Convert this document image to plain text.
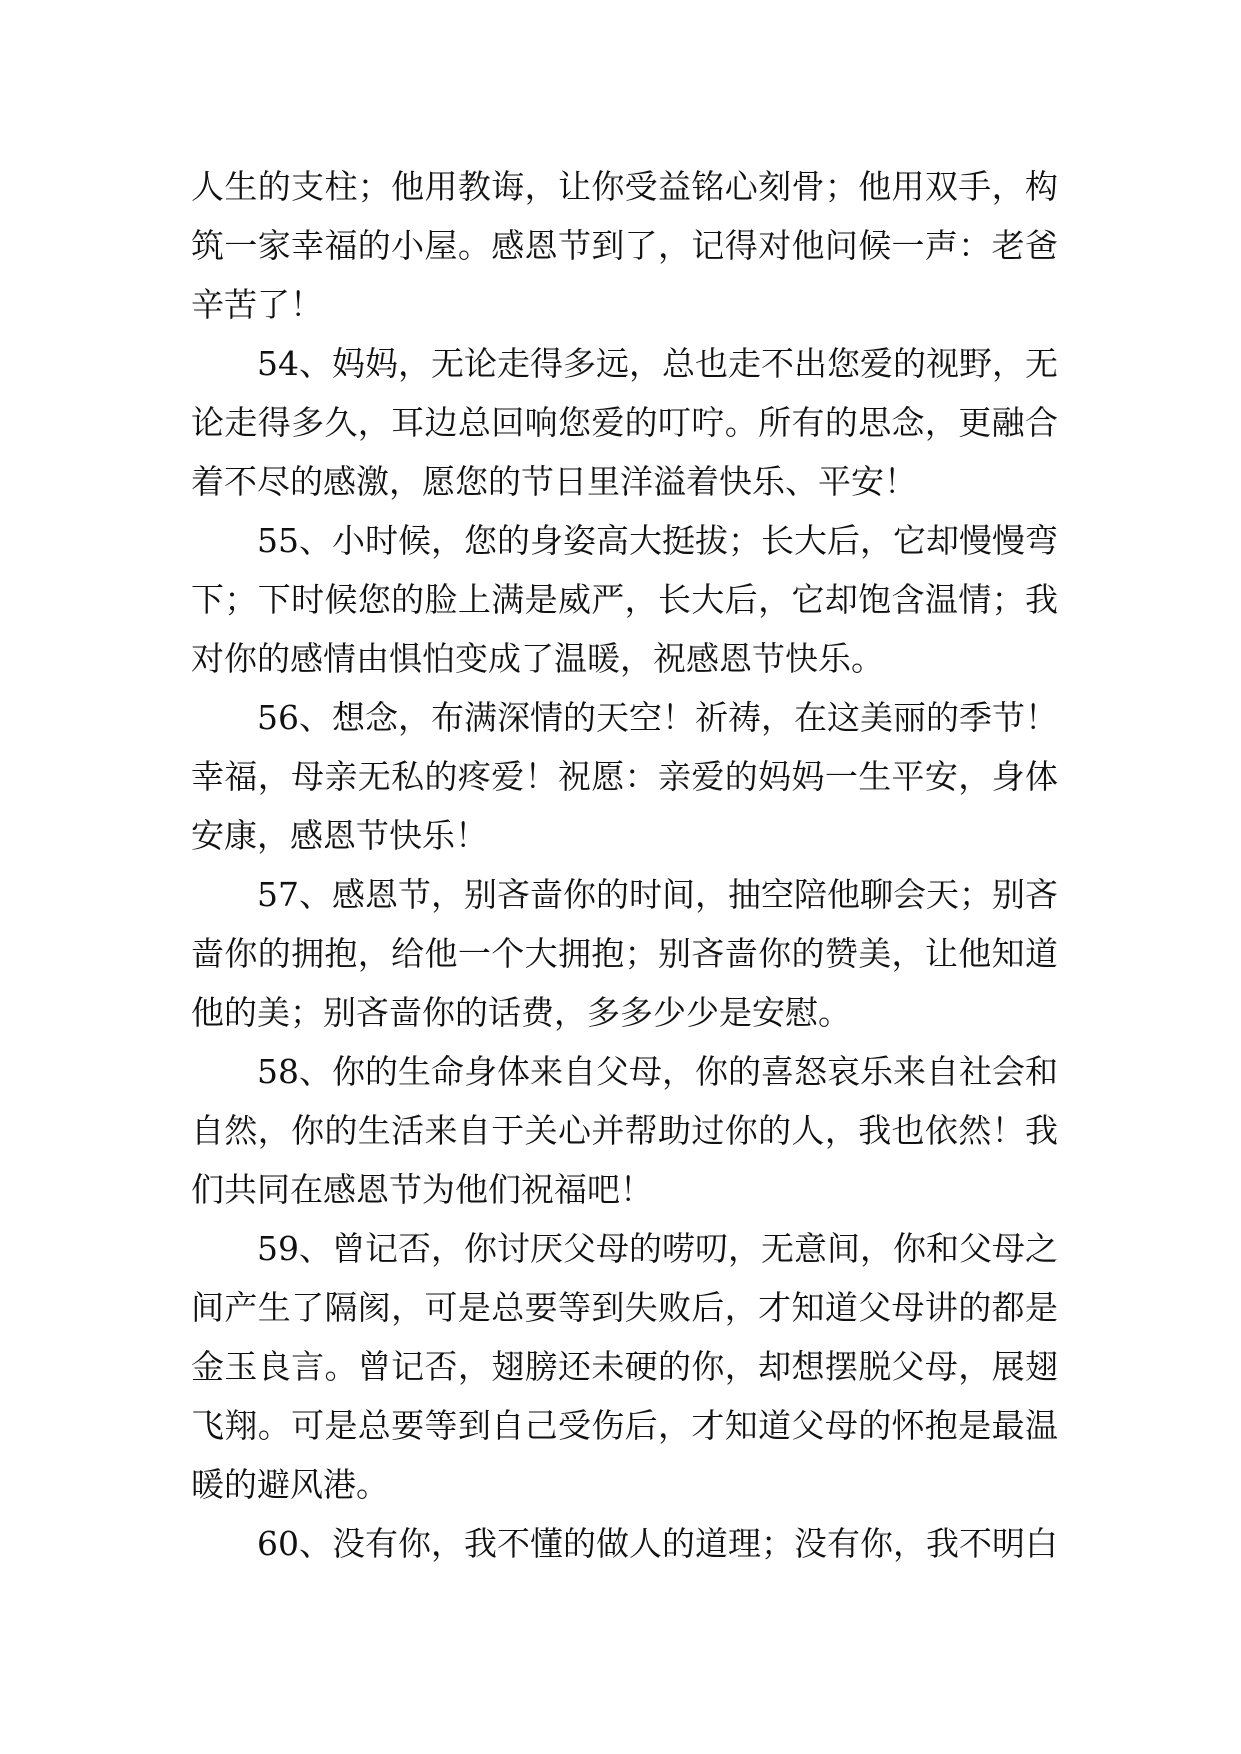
人生的支柱；他用教诲，让你受益铭心刻骨；他用双手，构
筑一家幸福的小屋。感恩节到了，记得对他问候一声：老爸
辛苦了！
54、妈妈，无论走得多远，总也走不出您爱的视野，无
论走得多久，耳边总回响您爱的叮咛。所有的思念，更融合
着不尽的感激，愿您的节日里洋溢着快乐、平安！
55、小时候，您的身姿高大挺拔；长大后，它却慢慢弯
下；下时候您的脸上满是威严，长大后，它却饱含温情；我
对你的感情由惧怕变成了温暖，祝感恩节快乐。
56、想念，布满深情的天空！祈祷，在这美丽的季节！
幸福，母亲无私的疼爱！祝愿：亲爱的妈妈一生平安，身体
安康，感恩节快乐！
57、感恩节，别吝啬你的时间，抽空陪他聊会天；别吝
啬你的拥抱，给他一个大拥抱；别吝啬你的赞美，让他知道
他的美；别吝啬你的话费，多多少少是安慰。
58、你的生命身体来自父母，你的喜怒哀乐来自社会和
自然，你的生活来自于关心并帮助过你的人，我也依然！我
们共同在感恩节为他们祝福吧！
59、曾记否，你讨厌父母的唠叨，无意间，你和父母之
间产生了隔阂，可是总要等到失败后，才知道父母讲的都是
金玉良言。曾记否，翅膀还未硬的你，却想摆脱父母，展翅
飞翔。可是总要等到自己受伤后，才知道父母的怀抱是最温
暖的避风港。
60、没有你，我不懂的做人的道理；没有你，我不明白
